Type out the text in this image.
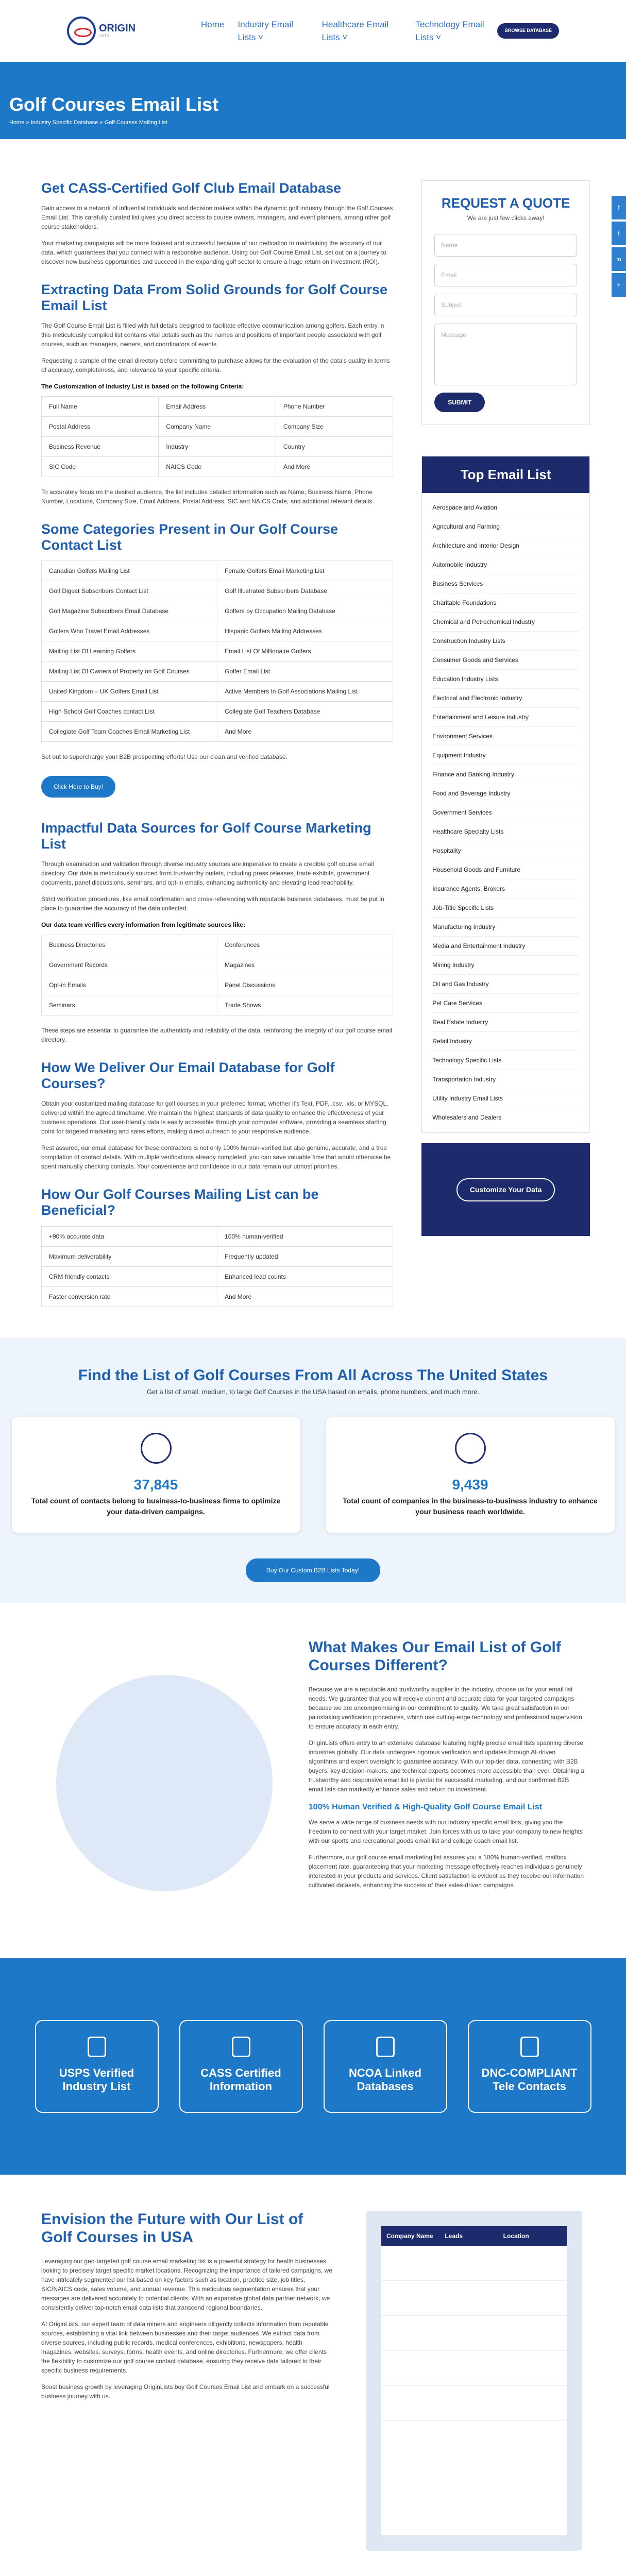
ORIGIN
LISTS
Home Industry Email Lists ˅
Healthcare Email Lists ˅
Technology Email Lists ˅
BROWSE DATABASE
Golf Courses Email List
Home » Industry Specific Database » Golf Courses Mailing List
f
t
in
+
Get CASS-Certified Golf Club Email Database

Gain access to a network of influential individuals and decision makers within the dynamic golf industry through the Golf Courses Email List. This carefully curated list gives you direct access to course owners, managers, and event planners, among other golf course stakeholders.

Your marketing campaigns will be more focused and successful because of our dedication to maintaining the accuracy of our data, which guarantees that you connect with a responsive audience. Using our Golf Course Email List, set out on a journey to discover new business opportunities and succeed in the expanding golf sector to ensure a huge return on investment (ROI).

Extracting Data From Solid Grounds for Golf Course Email List

The Golf Course Email List is filled with full details designed to facilitate effective communication among golfers. Each entry in this meticulously compiled list contains vital details such as the names and positions of important people associated with golf courses, such as managers, owners, and coordinators of events.

Requesting a sample of the email directory before committing to purchase allows for the evaluation of the data's quality in terms of accuracy, completeness, and relevance to your specific criteria.

The Customization of Industry List is based on the following Criteria:
Full Name	Email Address	Phone Number
Postal Address	Company Name	Company Size
Business Revenue	Industry	Country
SIC Code	NAICS Code	And More

To accurately focus on the desired audience, the list includes detailed information such as Name, Business Name, Phone Number, Locations, Company Size, Email Address, Postal Address, SIC and NAICS Code, and additional relevant details.

Some Categories Present in Our Golf Course Contact List
Canadian Golfers Mailing List	Female Golfers Email Marketing List
Golf Digest Subscribers Contact List	Golf Illustrated Subscribers Database
Golf Magazine Subscribers Email Database	Golfers by Occupation Mailing Database
Golfers Who Travel Email Addresses	Hispanic Golfers Mailing Addresses
Mailing List Of Learning Golfers	Email List Of Millionaire Golfers
Mailing List Of Owners of Property on Golf Courses	Golfer Email List
United Kingdom – UK Golfers Email List	Active Members In Golf Associations Mailing List
High School Golf Coaches contact List	Collegiate Golf Teachers Database
Collegiate Golf Team Coaches Email Marketing List	And More

Set out to supercharge your B2B prospecting efforts! Use our clean and verified database.

Click Here to Buy!
Impactful Data Sources for Golf Course Marketing List

Through examination and validation through diverse industry sources are imperative to create a credible golf course email directory. Our data is meticulously sourced from trustworthy outlets, including press releases, trade exhibits, government documents, panel discussions, seminars, and opt-in emails, enhancing authenticity and elevating lead reachability.

Strict verification procedures, like email confirmation and cross-referencing with reputable business databases, must be put in place to guarantee the accuracy of the data collected.

Our data team verifies every information from legitimate sources like:
Business Directories	Conferences
Government Records	Magazines
Opt-in Emails	Panel Discussions
Seminars	Trade Shows

These steps are essential to guarantee the authenticity and reliability of the data, reinforcing the integrity of our golf course email directory.

How We Deliver Our Email Database for Golf Courses?

Obtain your customized mailing database for golf courses in your preferred format, whether it's Text, PDF, .csv, .xls, or MYSQL, delivered within the agreed timeframe. We maintain the highest standards of data quality to enhance the effectiveness of your business operations. Our user-friendly data is easily accessible through your computer software, providing a seamless starting point for targeted marketing and sales efforts, making direct outreach to your responsive audience.

Rest assured, our email database for these contractors is not only 100% human-verified but also genuine, accurate, and a true compilation of contact details. With multiple verifications already completed, you can save valuable time that would otherwise be spent manually checking contacts. Your convenience and confidence in our data remain our utmost priorities.

How Our Golf Courses Mailing List can be Beneficial?
+90% accurate data	100% human-verified
Maximum deliverability	Frequently updated
CRM friendly contacts	Enhanced lead counts
Faster conversion rate	And More
REQUEST A QUOTE
We are just few clicks away!
Name
Email
Subject
Message
SUBMIT
Top Email List
Aerospace and Aviation
Agricultural and Farming
Architecture and Interior Design
Automobile Industry
Business Services
Charitable Foundations
Chemical and Petrochemical Industry
Construction Industry Lists
Consumer Goods and Services
Education Industry Lists
Electrical and Electronic Industry
Entertainment and Leisure Industry
Environment Services
Equipment Industry
Finance and Banking Industry
Food and Beverage Industry
Government Services
Healthcare Specialty Lists
Hospitality
Household Goods and Furniture
Insurance Agents, Brokers
Job-Title Specific Lists
Manufacturing Industry
Media and Entertainment Industry
Mining Industry
Oil and Gas Industry
Pet Care Services
Real Estate Industry
Retail Industry
Technology Specific Lists
Transportation Industry
Utility Industry Email Lists
Wholesalers and Dealers
Customize Your Data
Find the List of Golf Courses From All Across The United States

Get a list of small, medium, to large Golf Courses in the USA based on emails, phone numbers, and much more.

37,845
Total count of contacts belong to business-to-business firms to optimize your data-driven campaigns.
9,439
Total count of companies in the business-to-business industry to enhance your business reach worldwide.
Buy Our Custom B2B Lists Today!
What Makes Our Email List of Golf Courses Different?

Because we are a reputable and trustworthy supplier in the industry, choose us for your email list needs. We guarantee that you will receive current and accurate data for your targeted campaigns because we are uncompromising in our commitment to quality. We take great satisfaction in our painstaking verification procedures, which use cutting-edge technology and professional supervision to ensure accuracy in each entry.

OriginLists offers entry to an extensive database featuring highly precise email lists spanning diverse industries globally. Our data undergoes rigorous verification and updates through AI-driven algorithms and expert oversight to guarantee accuracy. With our top-tier data, connecting with B2B buyers, key decision-makers, and technical experts becomes more accessible than ever. Obtaining a trustworthy and responsive email list is pivotal for successful marketing, and our confirmed B2B email lists can markedly enhance sales and return on investment.

100% Human Verified & High-Quality Golf Course Email List

We serve a wide range of business needs with our industry specific email lists, giving you the freedom to connect with your target market. Join forces with us to take your company to new heights with our sports and recreational goods email list and college coach email list.

Furthermore, our golf course email marketing list assures you a 100% human-verified, mailbox placement rate, guaranteeing that your marketing message effectively reaches individuals genuinely interested in your products and services. Client satisfaction is evident as they receive our information cultivated datasets, enhancing the success of their sales-driven campaigns.

USPS Verified Industry List
CASS Certified Information
NCOA Linked Databases
DNC-COMPLIANT Tele Contacts
Envision the Future with Our List of Golf Courses in USA

Leveraging our geo-targeted golf course email marketing list is a powerful strategy for health businesses looking to precisely target specific market locations. Recognizing the importance of tailored campaigns, we have intricately segmented our list based on key factors such as location, practice size, job titles, SIC/NAICS code, sales volume, and annual revenue. This meticulous segmentation ensures that your messages are delivered accurately to potential clients. With an expansive global data partner network, we consistently deliver top-notch email data lists that transcend regional boundaries.

At OriginLists, our expert team of data miners and engineers diligently collects information from reputable sources, establishing a vital link between businesses and their target audiences. We extract data from diverse sources, including public records, medical conferences, exhibitions, newspapers, health magazines, websites, surveys, forms, health events, and online directories. Furthermore, we offer clients the flexibility to customize our golf course contact database, ensuring they receive data tailored to their specific business requirements.

Boost business growth by leveraging OriginLists buy Golf Courses Email List and embark on a successful business journey with us.

Company Name	Leads	Location
